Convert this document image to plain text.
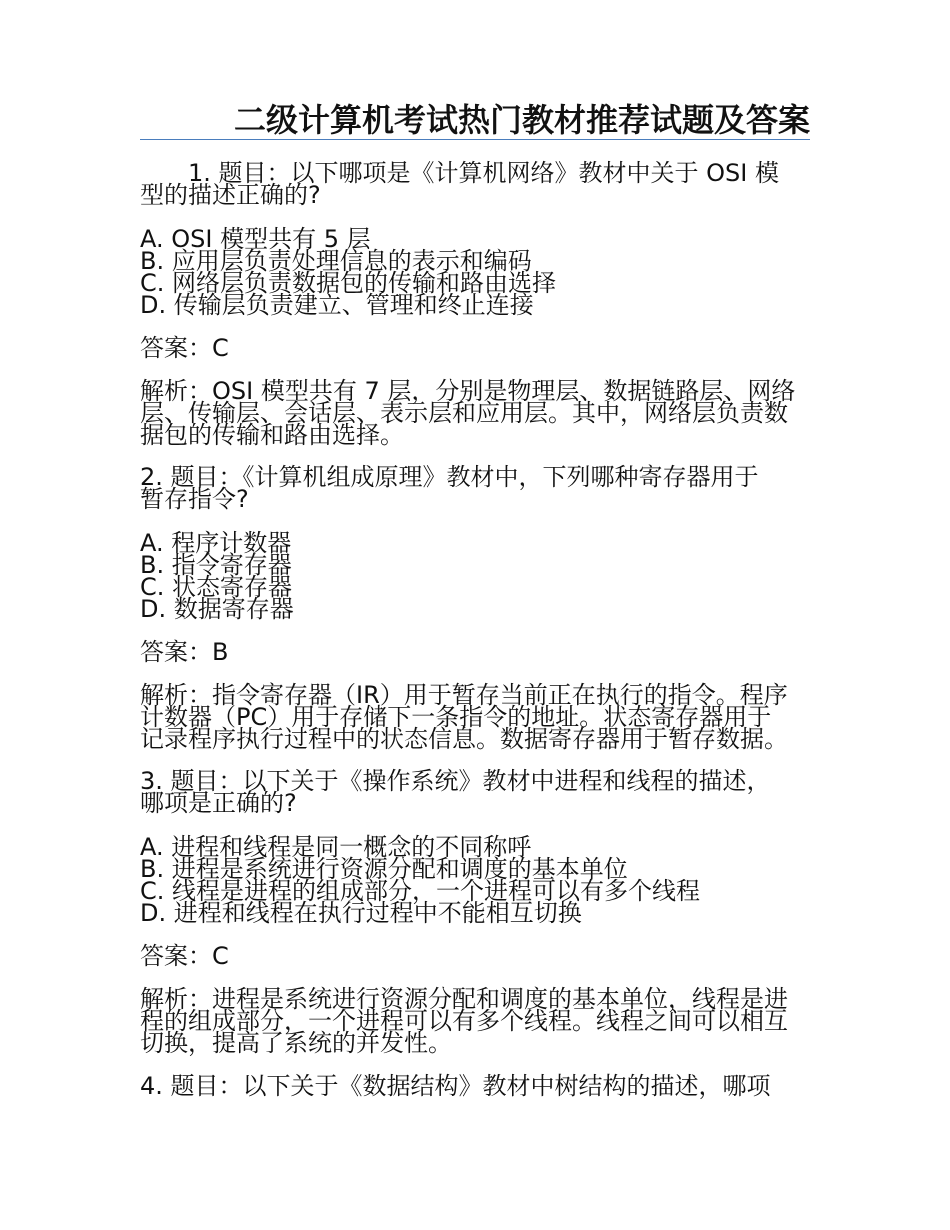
二级计算机考试热门教材推荐试题及答案
1. 题目：以下哪项是《计算机网络》教材中关于 OSI 模
型的描述正确的?
A. OSI 模型共有 5 层
B. 应用层负责处理信息的表示和编码
C. 网络层负责数据包的传输和路由选择
D. 传输层负责建立、管理和终止连接
答案：C
解析：OSI 模型共有 7 层，分别是物理层、数据链路层、网络
层、传输层、会话层、表示层和应用层。其中，网络层负责数
据包的传输和路由选择。
2. 题目：《计算机组成原理》教材中，下列哪种寄存器用于
暂存指令?
A. 程序计数器
B. 指令寄存器
C. 状态寄存器
D. 数据寄存器
答案：B
解析：指令寄存器（IR）用于暂存当前正在执行的指令。程序
计数器（PC）用于存储下一条指令的地址。状态寄存器用于
记录程序执行过程中的状态信息。数据寄存器用于暂存数据。
3. 题目：以下关于《操作系统》教材中进程和线程的描述，
哪项是正确的?
A. 进程和线程是同一概念的不同称呼
B. 进程是系统进行资源分配和调度的基本单位
C. 线程是进程的组成部分，一个进程可以有多个线程
D. 进程和线程在执行过程中不能相互切换
答案：C
解析：进程是系统进行资源分配和调度的基本单位，线程是进
程的组成部分，一个进程可以有多个线程。线程之间可以相互
切换，提高了系统的并发性。
4. 题目：以下关于《数据结构》教材中树结构的描述，哪项
